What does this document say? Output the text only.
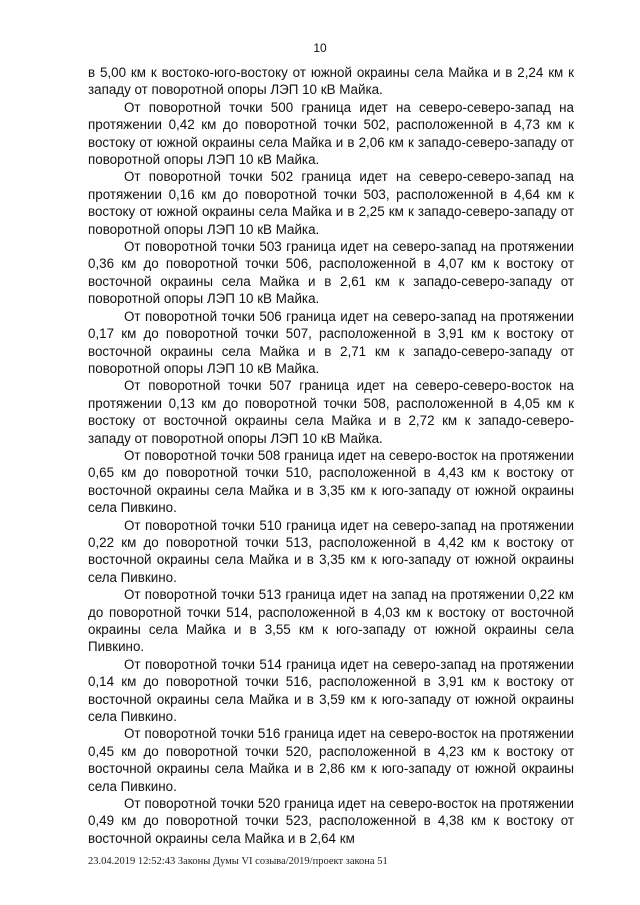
10

в 5,00 км к востоко-юго-востоку от южной окраины села Майка и в 2,24 км к западу от поворотной опоры ЛЭП 10 кВ Майка.

От поворотной точки 500 граница идет на северо-северо-запад на протяжении 0,42 км до поворотной точки 502, расположенной в 4,73 км к востоку от южной окраины села Майка и в 2,06 км к западо-северо-западу от поворотной опоры ЛЭП 10 кВ Майка.

От поворотной точки 502 граница идет на северо-северо-запад на протяжении 0,16 км до поворотной точки 503, расположенной в 4,64 км к востоку от южной окраины села Майка и в 2,25 км к западо-северо-западу от поворотной опоры ЛЭП 10 кВ Майка.

От поворотной точки 503 граница идет на северо-запад на протяжении 0,36 км до поворотной точки 506, расположенной в 4,07 км к востоку от восточной окраины села Майка и в 2,61 км к западо-северо-западу от поворотной опоры ЛЭП 10 кВ Майка.

От поворотной точки 506 граница идет на северо-запад на протяжении 0,17 км до поворотной точки 507, расположенной в 3,91 км к востоку от восточной окраины села Майка и в 2,71 км к западо-северо-западу от поворотной опоры ЛЭП 10 кВ Майка.

От поворотной точки 507 граница идет на северо-северо-восток на протяжении 0,13 км до поворотной точки 508, расположенной в 4,05 км к востоку от восточной окраины села Майка и в 2,72 км к западо-северо-западу от поворотной опоры ЛЭП 10 кВ Майка.

От поворотной точки 508 граница идет на северо-восток на протяжении 0,65 км до поворотной точки 510, расположенной в 4,43 км к востоку от восточной окраины села Майка и в 3,35 км к юго-западу от южной окраины села Пивкино.

От поворотной точки 510 граница идет на северо-запад на протяжении 0,22 км до поворотной точки 513, расположенной в 4,42 км к востоку от восточной окраины села Майка и в 3,35 км к юго-западу от южной окраины села Пивкино.

От поворотной точки 513 граница идет на запад на протяжении 0,22 км до поворотной точки 514, расположенной в 4,03 км к востоку от восточной окраины села Майка и в 3,55 км к юго-западу от южной окраины села Пивкино.

От поворотной точки 514 граница идет на северо-запад на протяжении 0,14 км до поворотной точки 516, расположенной в 3,91 км к востоку от восточной окраины села Майка и в 3,59 км к юго-западу от южной окраины села Пивкино.

От поворотной точки 516 граница идет на северо-восток на протяжении 0,45 км до поворотной точки 520, расположенной в 4,23 км к востоку от восточной окраины села Майка и в 2,86 км к юго-западу от южной окраины села Пивкино.

От поворотной точки 520 граница идет на северо-восток на протяжении 0,49 км до поворотной точки 523, расположенной в 4,38 км к востоку от восточной окраины села Майка и в 2,64 км

23.04.2019 12:52:43 Законы Думы VI созыва/2019/проект закона 51
